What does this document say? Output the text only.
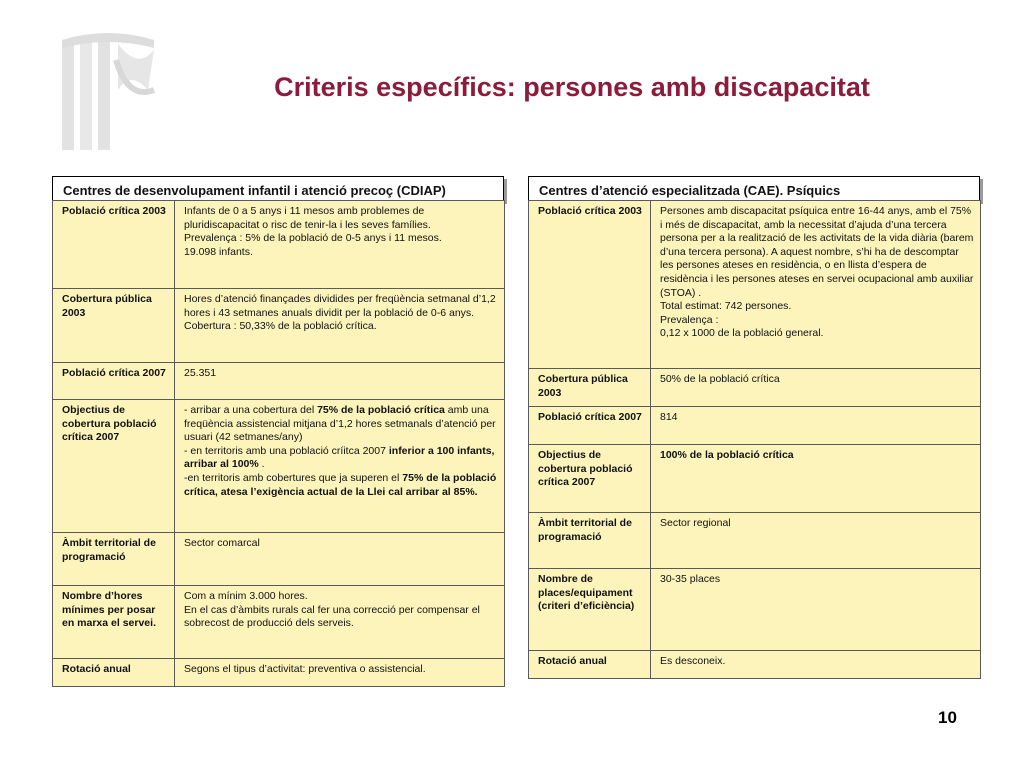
Criteris específics: persones amb discapacitat
Centres de desenvolupament infantil i atenció precoç (CDIAP)
Població crítica 2003	Infants de 0 a 5 anys i 11 mesos amb problemes de pluridiscapacitat o risc de tenir-la i les seves famílies.
Prevalença : 5% de la població de 0-5 anys i 11 mesos.
19.098 infants.
Cobertura pública 2003	Hores d’atenció finançades dividides per freqüència setmanal d’1,2 hores i 43 setmanes anuals dividit per la població de 0-6 anys.
Cobertura : 50,33% de la població crítica.
Població crítica 2007	25.351
Objectius de cobertura població crítica 2007	- arribar a una cobertura del 75% de la població crítica amb una freqüència assistencial mitjana d’1,2 hores setmanals d’atenció per usuari (42 setmanes/any)
- en territoris amb una població críitca 2007 inferior a 100 infants, arribar al 100% .
-en territoris amb cobertures que ja superen el 75% de la població crítica, atesa l’exigència actual de la Llei cal arribar al 85%.
Àmbit territorial de programació	Sector comarcal
Nombre d’hores mínimes per posar en marxa el servei.	Com a mínim 3.000 hores.
En el cas d’àmbits rurals cal fer una correcció per compensar el sobrecost de producció dels serveis.
Rotació anual	Segons el tipus d’activitat: preventiva o assistencial.
Centres d’atenció especialitzada (CAE). Psíquics
Població crítica 2003	Persones amb discapacitat psíquica entre 16-44 anys, amb el 75% i més de discapacitat, amb la necessitat d’ajuda d’una tercera persona per a la realització de les activitats de la vida diària (barem d’una tercera persona). A aquest nombre, s’hi ha de descomptar les persones ateses en residència, o en llista d’espera de residència i les persones ateses en servei ocupacional amb auxiliar (STOA) .
Total estimat: 742 persones.
Prevalença :
0,12 x 1000 de la població general.
Cobertura pública 2003	50% de la població crítica
Població crítica 2007	814
Objectius de cobertura població crítica 2007	100% de la població crítica
Àmbit territorial de programació	Sector regional
Nombre de places/equipament
(criteri d’eficiència)	30-35 places
Rotació anual	Es desconeix.
10
